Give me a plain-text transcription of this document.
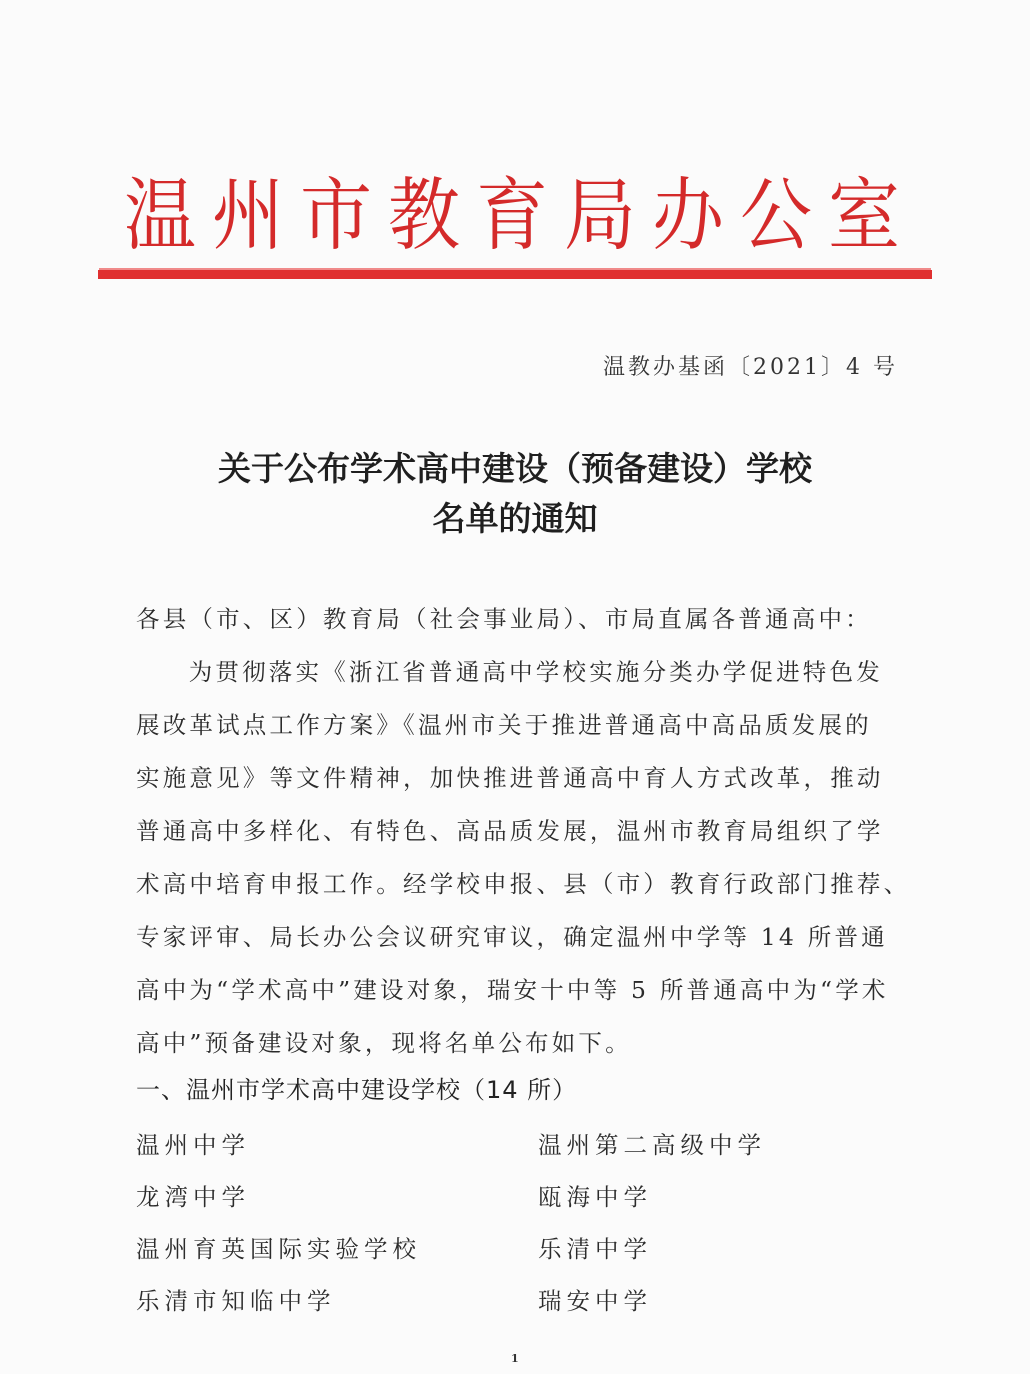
温州市教育局办公室
温教办基函〔2021〕4 号
关于公布学术高中建设（预备建设）学校
名单的通知
各县（市、区）教育局（社会事业局）、市局直属各普通高中：
　为贯彻落实《浙江省普通高中学校实施分类办学促进特色发
展改革试点工作方案》《温州市关于推进普通高中高品质发展的
实施意见》等文件精神，加快推进普通高中育人方式改革，推动
普通高中多样化、有特色、高品质发展，温州市教育局组织了学
术高中培育申报工作。经学校申报、县（市）教育行政部门推荐、
专家评审、局长办公会议研究审议，确定温州中学等 14 所普通
高中为“学术高中”建设对象，瑞安十中等 5 所普通高中为“学术
高中”预备建设对象，现将名单公布如下。
一、温州市学术高中建设学校（14 所）
温州中学	温州第二高级中学
龙湾中学	瓯海中学
温州育英国际实验学校	乐清中学
乐清市知临中学	瑞安中学
1
